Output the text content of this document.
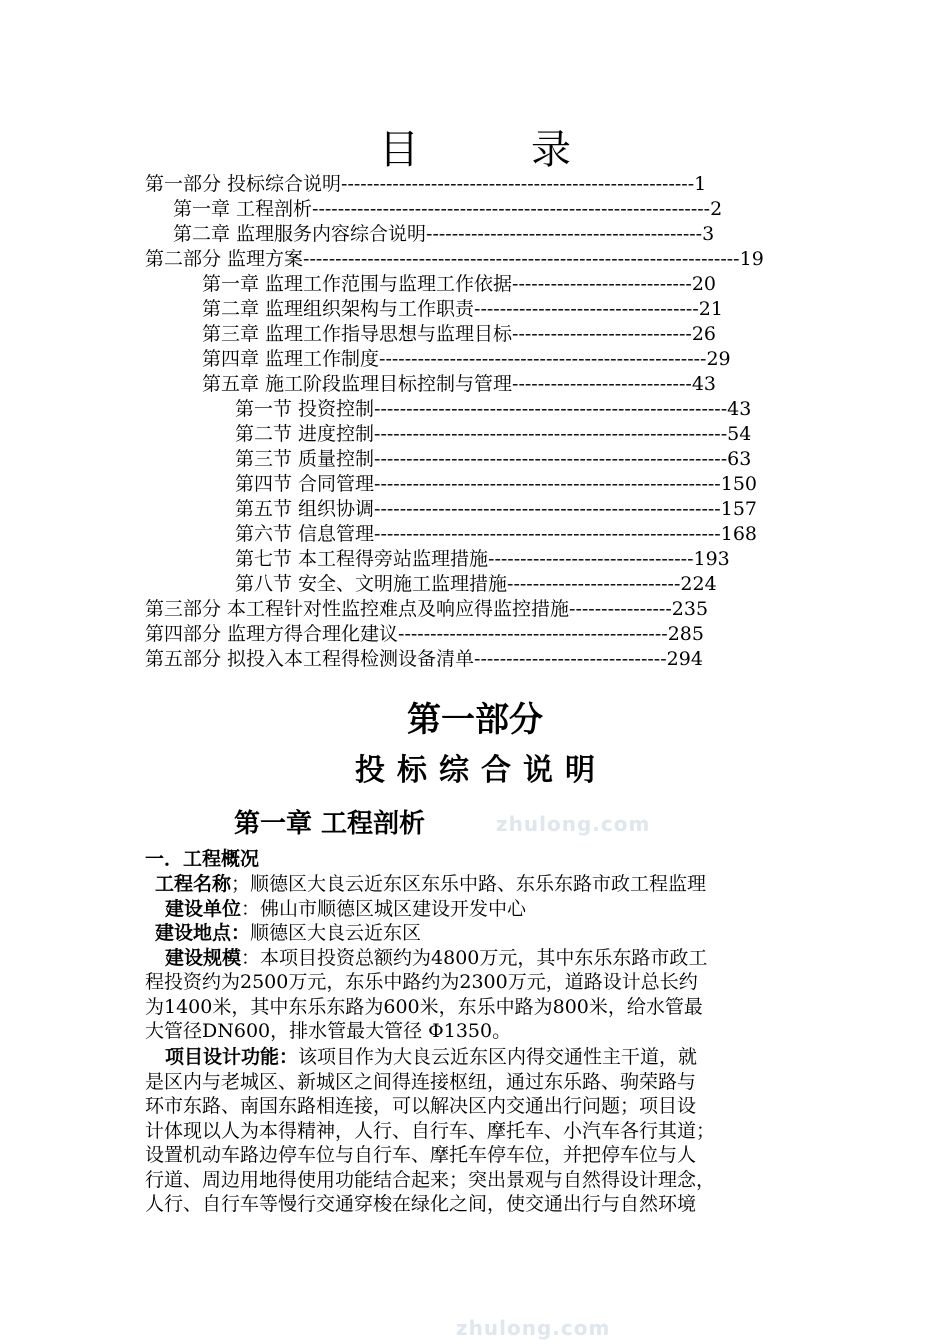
目　录
第一部分 投标综合说明-------------------------------------------------------1
第一章 工程剖析--------------------------------------------------------------2
第二章 监理服务内容综合说明-------------------------------------------3
第二部分 监理方案--------------------------------------------------------------------19
第一章 监理工作范围与监理工作依据----------------------------20
第二章 监理组织架构与工作职责-----------------------------------21
第三章 监理工作指导思想与监理目标----------------------------26
第四章 监理工作制度---------------------------------------------------29
第五章 施工阶段监理目标控制与管理----------------------------43
第一节 投资控制-------------------------------------------------------43
第二节 进度控制-------------------------------------------------------54
第三节 质量控制-------------------------------------------------------63
第四节 合同管理------------------------------------------------------150
第五节 组织协调------------------------------------------------------157
第六节 信息管理------------------------------------------------------168
第七节 本工程得旁站监理措施--------------------------------193
第八节 安全、文明施工监理措施---------------------------224
第三部分 本工程针对性监控难点及响应得监控措施----------------235
第四部分 监理方得合理化建议------------------------------------------285
第五部分 拟投入本工程得检测设备清单------------------------------294
第一部分
投标综合说明
第一章 工程剖析	zhulong.com
zhulong.com
一．工程概况
工程名称；顺德区大良云近东区东乐中路、东乐东路市政工程监理
建设单位：佛山市顺德区城区建设开发中心
建设地点：顺德区大良云近东区
建设规模：本项目投资总额约为4800万元，其中东乐东路市政工
程投资约为2500万元，东乐中路约为2300万元，道路设计总长约
为1400米，其中东乐东路为600米，东乐中路为800米，给水管最
大管径DN600，排水管最大管径 Φ1350。
项目设计功能：该项目作为大良云近东区内得交通性主干道，就
是区内与老城区、新城区之间得连接枢纽，通过东乐路、驹荣路与
环市东路、南国东路相连接，可以解决区内交通出行问题；项目设
计体现以人为本得精神，人行、自行车、摩托车、小汽车各行其道；
设置机动车路边停车位与自行车、摩托车停车位，并把停车位与人
行道、周边用地得使用功能结合起来；突出景观与自然得设计理念，
人行、自行车等慢行交通穿梭在绿化之间，使交通出行与自然环境
